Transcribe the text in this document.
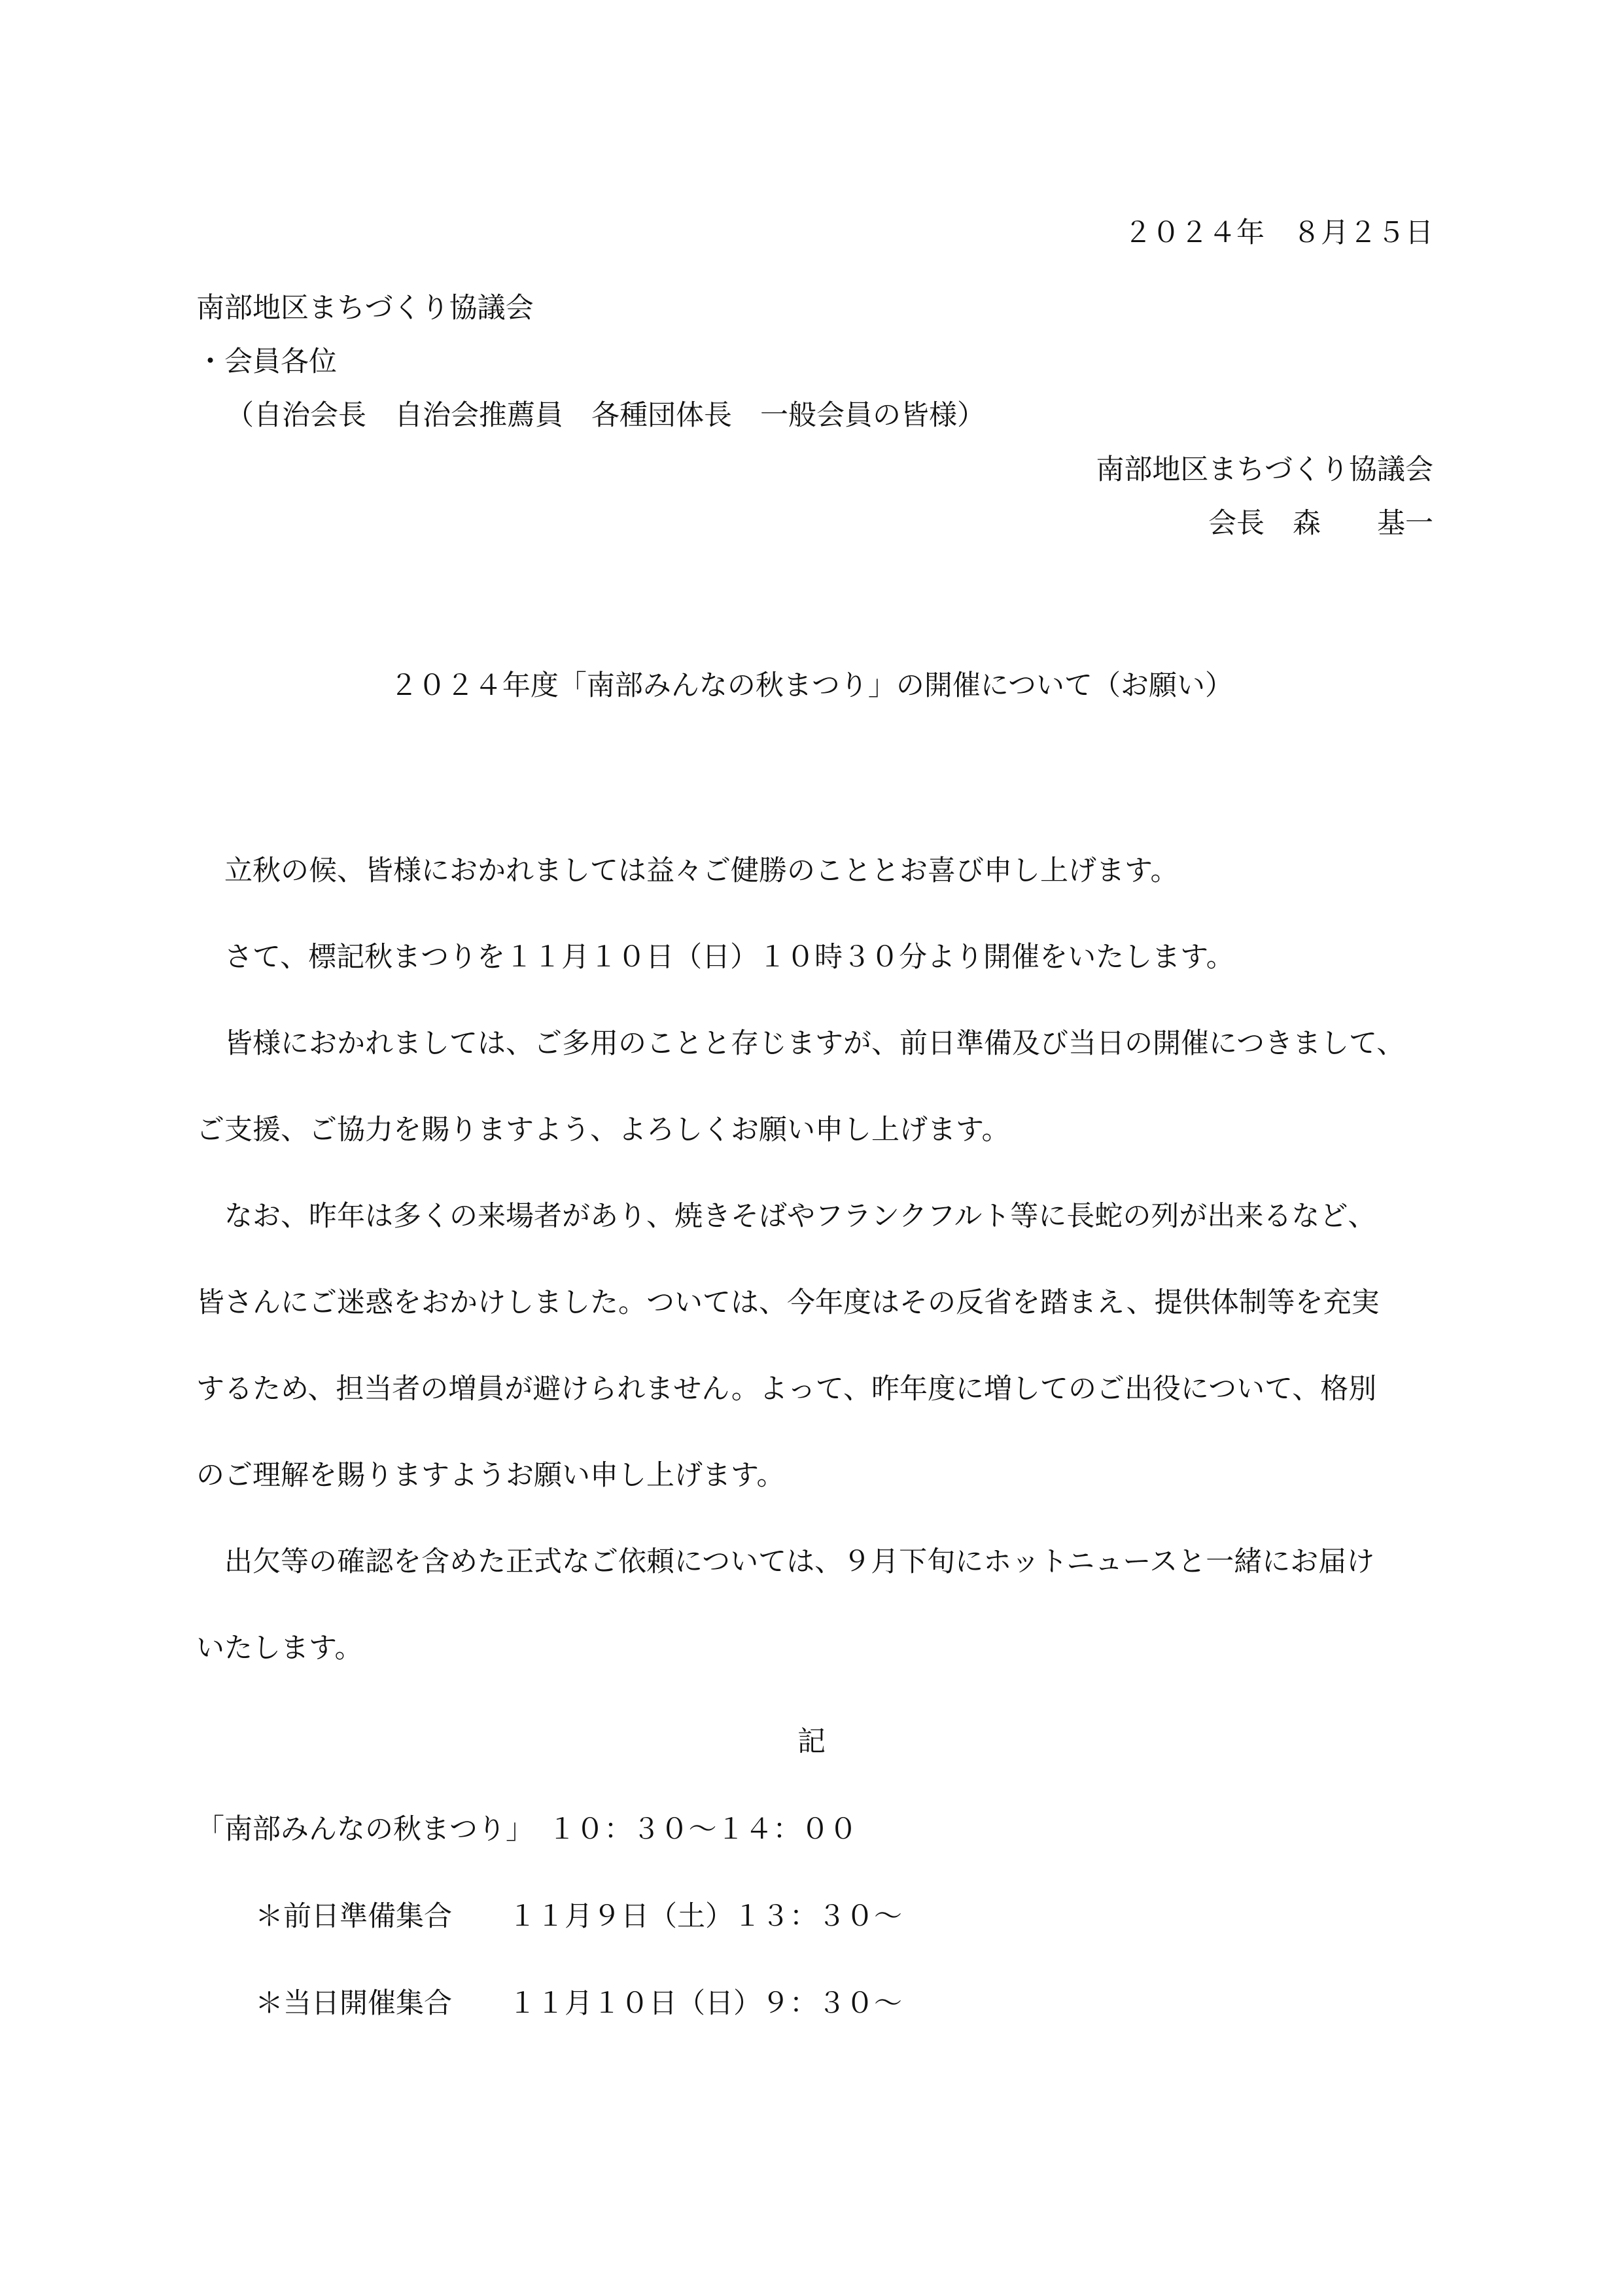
２０２４年　８月２５日
南部地区まちづくり協議会
・会員各位
（自治会長　自治会推薦員　各種団体長　一般会員の皆様）
南部地区まちづくり協議会
会長　森　　基一
２０２４年度「南部みんなの秋まつり」の開催について（お願い）
　立秋の候、皆様におかれましては益々ご健勝のこととお喜び申し上げます。
　さて、標記秋まつりを１１月１０日（日）１０時３０分より開催をいたします。
　皆様におかれましては、ご多用のことと存じますが、前日準備及び当日の開催につきまして、
ご支援、ご協力を賜りますよう、よろしくお願い申し上げます。
　なお、昨年は多くの来場者があり、焼きそばやフランクフルト等に長蛇の列が出来るなど、
皆さんにご迷惑をおかけしました。ついては、今年度はその反省を踏まえ、提供体制等を充実
するため、担当者の増員が避けられません。よって、昨年度に増してのご出役について、格別
のご理解を賜りますようお願い申し上げます。
　出欠等の確認を含めた正式なご依頼については、９月下旬にホットニュースと一緒にお届け
いたします。
記
「南部みんなの秋まつり」　１０：３０～１４：００
＊前日準備集合　　１１月９日（土）１３：３０～
＊当日開催集合　　１１月１０日（日）９：３０～
